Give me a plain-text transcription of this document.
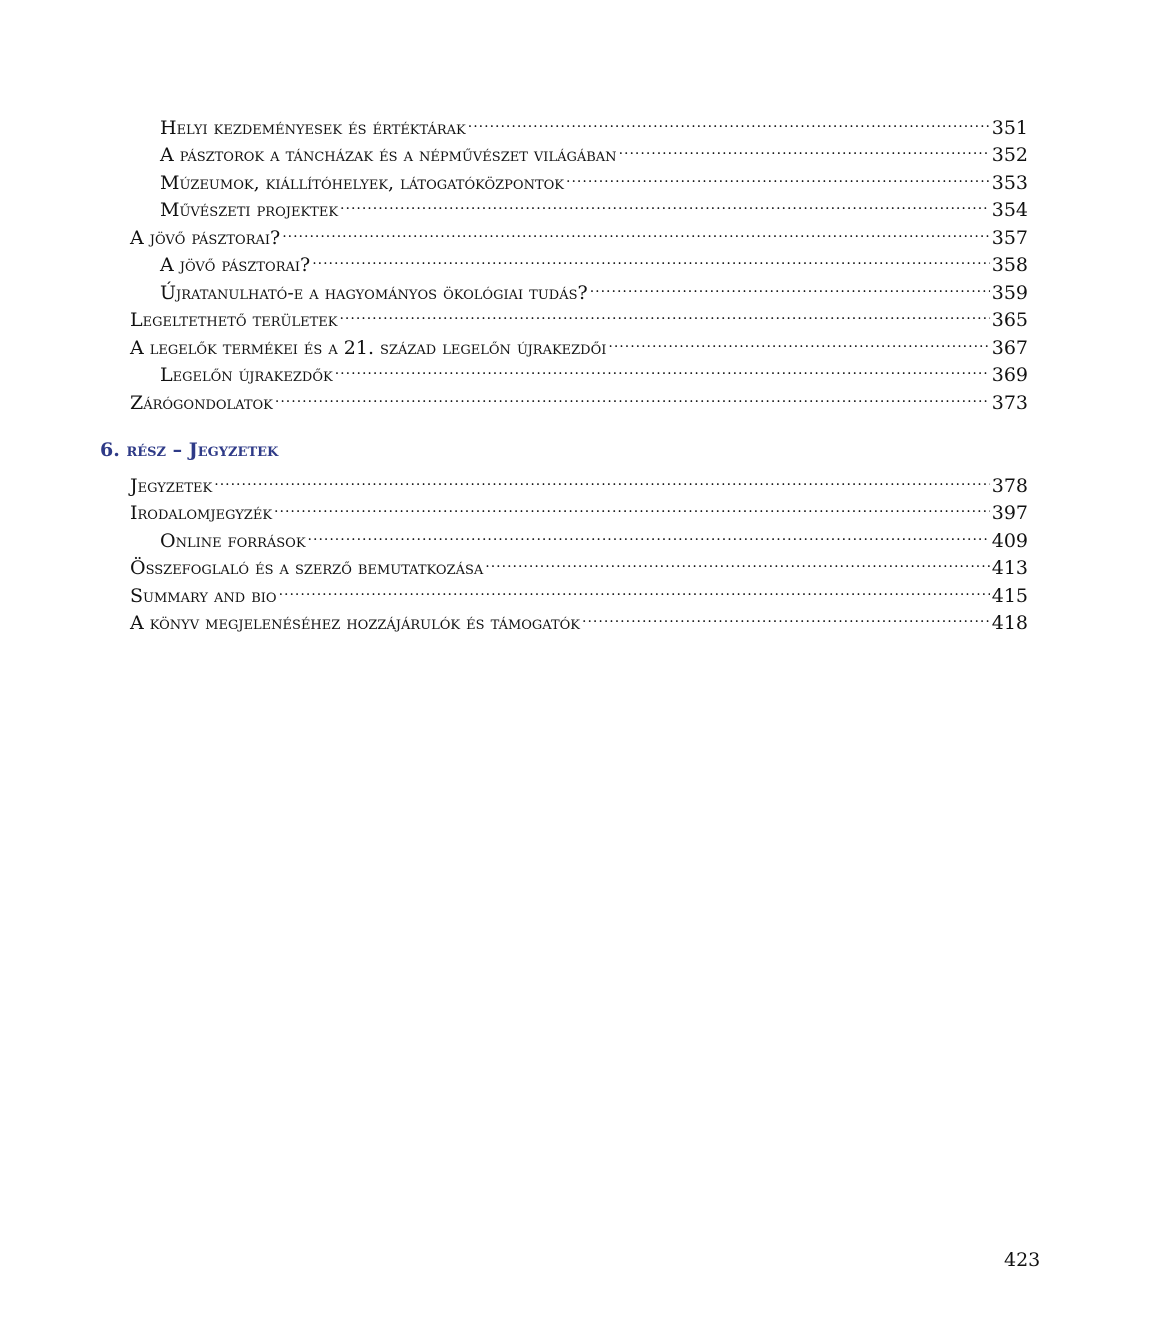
Helyi kezdeményesek és értéktárak .....	351
A pásztorok a táncházak és a népművészet világában .....	352
Múzeumok, kiállítóhelyek, látogatóközpontok .....	353
Művészeti projektek .....	354
A jövő pásztorai? .....	357
A jövő pásztorai? .....	358
Újratanulható-e a hagyományos ökológiai tudás? .....	359
Legeltethető területek .....	365
A legelők termékei és a 21. század legelőn újrakezdői .....	367
Legelőn újrakezdők .....	369
Zárógondolatok .....	373
6. rész – Jegyzetek
Jegyzetek .....	378
Irodalomjegyzék .....	397
Online források .....	409
Összefoglaló és a szerző bemutatkozása .....	413
Summary and bio .....	415
A könyv megjelenéséhez hozzájárulók és támogatók .....	418
423
